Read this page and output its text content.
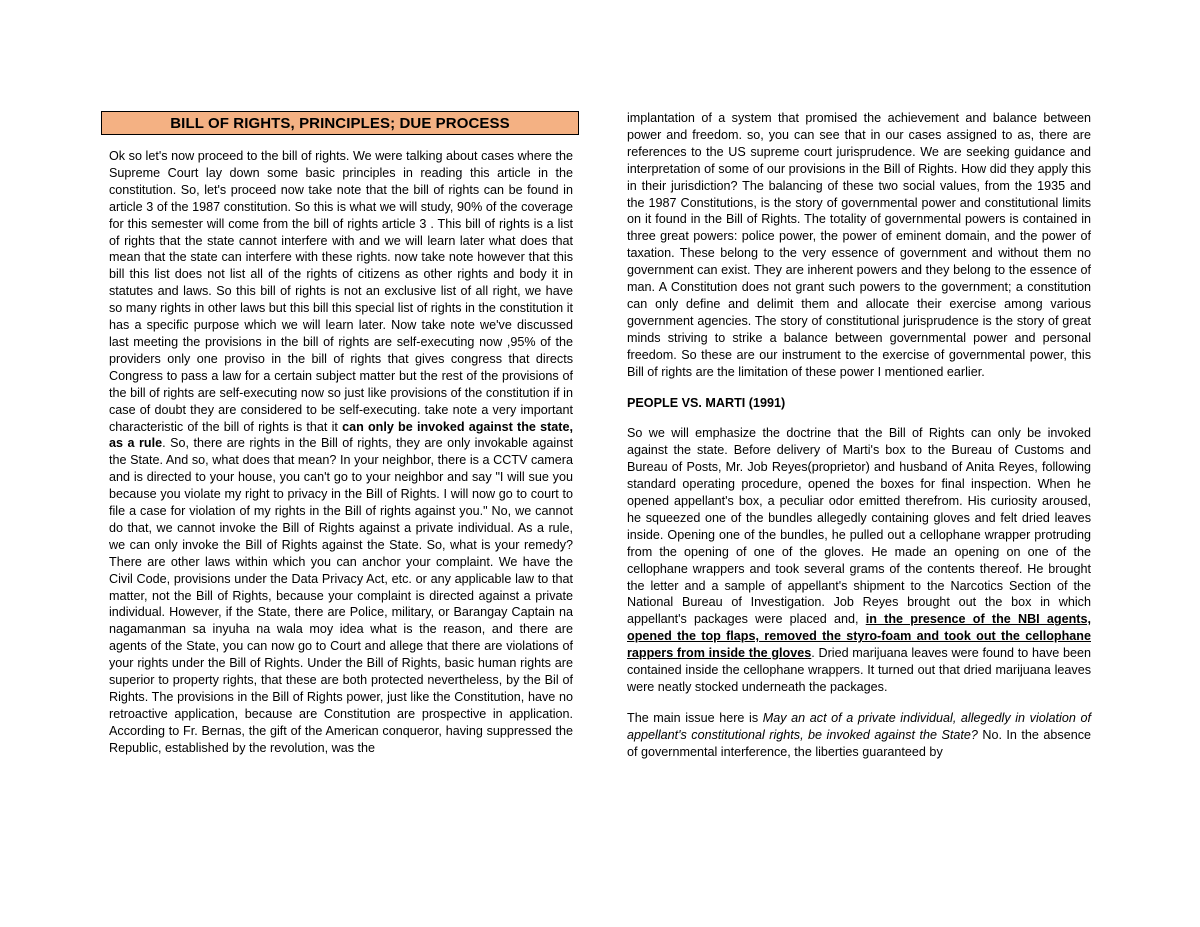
BILL OF RIGHTS, PRINCIPLES; DUE PROCESS

Ok so let's now proceed to the bill of rights. We were talking about cases where the Supreme Court lay down some basic principles in reading this article in the constitution. So, let's proceed now take note that the bill of rights can be found in article 3 of the 1987 constitution. So this is what we will study, 90% of the coverage for this semester will come from the bill of rights article 3 . This bill of rights is a list of rights that the state cannot interfere with and we will learn later what does that mean that the state can interfere with these rights. now take note however that this bill this list does not list all of the rights of citizens as other rights and body it in statutes and laws. So this bill of rights is not an exclusive list of all right, we have so many rights in other laws but this bill this special list of rights in the constitution it has a specific purpose which we will learn later. Now take note we've discussed last meeting the provisions in the bill of rights are self-executing now ,95% of the providers only one proviso in the bill of rights that gives congress that directs Congress to pass a law for a certain subject matter but the rest of the provisions of the bill of rights are self-executing now so just like provisions of the constitution if in case of doubt they are considered to be self-executing. take note a very important characteristic of the bill of rights is that it can only be invoked against the state, as a rule. So, there are rights in the Bill of rights, they are only invokable against the State. And so, what does that mean? In your neighbor, there is a CCTV camera and is directed to your house, you can't go to your neighbor and say "I will sue you because you violate my right to privacy in the Bill of Rights. I will now go to court to file a case for violation of my rights in the Bill of rights against you." No, we cannot do that, we cannot invoke the Bill of Rights against a private individual. As a rule, we can only invoke the Bill of Rights against the State. So, what is your remedy? There are other laws within which you can anchor your complaint. We have the Civil Code, provisions under the Data Privacy Act, etc. or any applicable law to that matter, not the Bill of Rights, because your complaint is directed against a private individual. However, if the State, there are Police, military, or Barangay Captain na nagamanman sa inyuha na wala moy idea what is the reason, and there are agents of the State, you can now go to Court and allege that there are violations of your rights under the Bill of Rights. Under the Bill of Rights, basic human rights are superior to property rights, that these are both protected nevertheless, by the Bil of Rights. The provisions in the Bill of Rights power, just like the Constitution, have no retroactive application, because are Constitution are prospective in application. According to Fr. Bernas, the gift of the American conqueror, having suppressed the Republic, established by the revolution, was the

implantation of a system that promised the achievement and balance between power and freedom. so, you can see that in our cases assigned to as, there are references to the US supreme court jurisprudence. We are seeking guidance and interpretation of some of our provisions in the Bill of Rights. How did they apply this in their jurisdiction? The balancing of these two social values, from the 1935 and the 1987 Constitutions, is the story of governmental power and constitutional limits on it found in the Bill of Rights. The totality of governmental powers is contained in three great powers: police power, the power of eminent domain, and the power of taxation. These belong to the very essence of government and without them no government can exist. They are inherent powers and they belong to the essence of man. A Constitution does not grant such powers to the government; a constitution can only define and delimit them and allocate their exercise among various government agencies. The story of constitutional jurisprudence is the story of great minds striving to strike a balance between governmental power and personal freedom. So these are our instrument to the exercise of governmental power, this Bill of rights are the limitation of these power I mentioned earlier.

PEOPLE VS. MARTI (1991)

So we will emphasize the doctrine that the Bill of Rights can only be invoked against the state. Before delivery of Marti's box to the Bureau of Customs and Bureau of Posts, Mr. Job Reyes(proprietor) and husband of Anita Reyes, following standard operating procedure, opened the boxes for final inspection. When he opened appellant's box, a peculiar odor emitted therefrom. His curiosity aroused, he squeezed one of the bundles allegedly containing gloves and felt dried leaves inside. Opening one of the bundles, he pulled out a cellophane wrapper protruding from the opening of one of the gloves. He made an opening on one of the cellophane wrappers and took several grams of the contents thereof. He brought the letter and a sample of appellant's shipment to the Narcotics Section of the National Bureau of Investigation. Job Reyes brought out the box in which appellant's packages were placed and, in the presence of the NBI agents, opened the top flaps, removed the styro-foam and took out the cellophane rappers from inside the gloves. Dried marijuana leaves were found to have been contained inside the cellophane wrappers. It turned out that dried marijuana leaves were neatly stocked underneath the packages.

The main issue here is May an act of a private individual, allegedly in violation of appellant's constitutional rights, be invoked against the State? No. In the absence of governmental interference, the liberties guaranteed by
